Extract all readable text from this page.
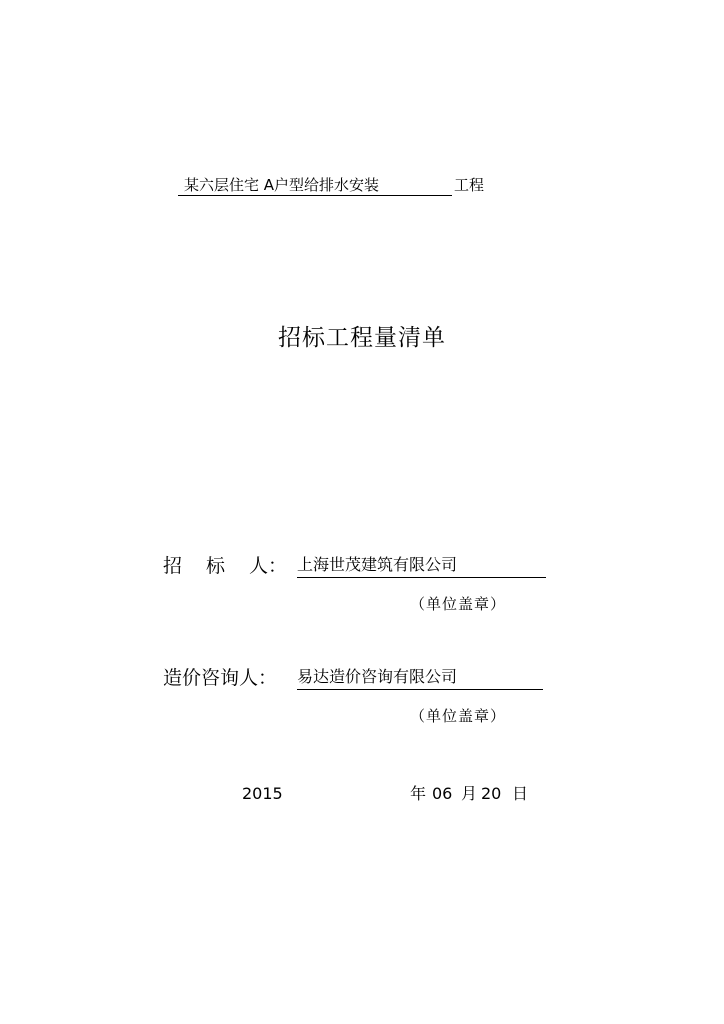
某六层住宅 A户型给排水安装	工程
招标工程量清单
招 标 人： 上海世茂建筑有限公司
（单位盖章）
造价咨询人： 易达造价咨询有限公司
（单位盖章）
2015	年 06 月 20 日
